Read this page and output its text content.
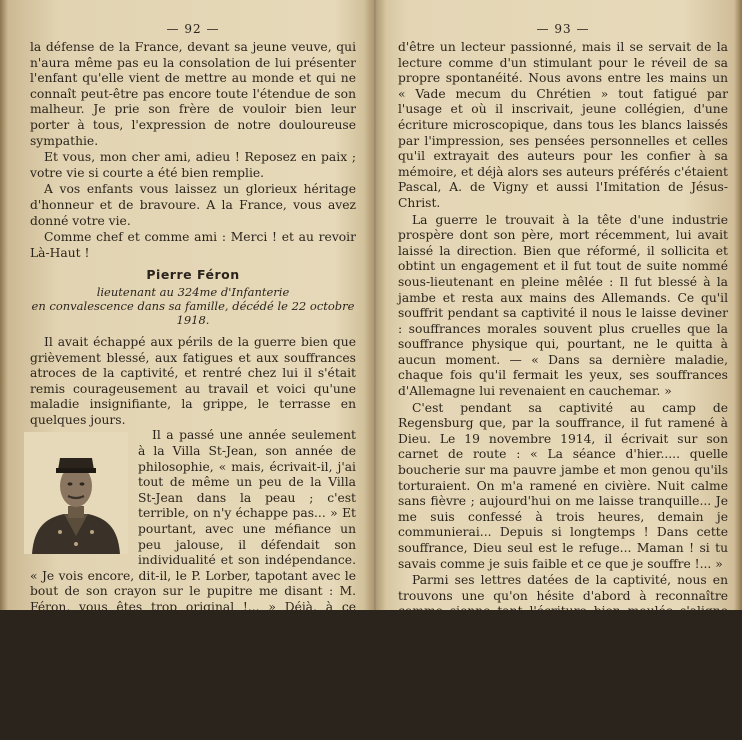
— 92 —

la défense de la France, devant sa jeune veuve, qui n'aura même pas eu la consolation de lui présenter l'enfant qu'elle vient de mettre au monde et qui ne connaît peut-être pas encore toute l'étendue de son malheur. Je prie son frère de vouloir bien leur porter à tous, l'expression de notre douloureuse sympathie.

Et vous, mon cher ami, adieu ! Reposez en paix ; votre vie si courte a été bien remplie.

A vos enfants vous laissez un glorieux héritage d'honneur et de bravoure. A la France, vous avez donné votre vie.

Comme chef et comme ami : Merci ! et au revoir Là-Haut !

Pierre Féron
lieutenant au 324me d'Infanterie
en convalescence dans sa famille, décédé le 22 octobre 1918.

Il avait échappé aux périls de la guerre bien que grièvement blessé, aux fatigues et aux souffrances atroces de la captivité, et rentré chez lui il s'était remis courageusement au travail et voici qu'une maladie insignifiante, la grippe, le terrasse en quelques jours.

Il a passé une année seulement à la Villa St-Jean, son année de philosophie, « mais, écrivait-il, j'ai tout de même un peu de la Villa St-Jean dans la peau ; c'est terrible, on n'y échappe pas... » Et pourtant, avec une méfiance un peu jalouse, il défendait son individualité et son indépendance. « Je vois encore, dit-il, le P. Lorber, tapotant avec le bout de son crayon sur le pupitre me disant : M. Féron, vous êtes trop original !... » Déjà, à ce moment, il montrait une exubérance de vie, une aversion pour toute contrainte qui n'excipait pas de ses titres, qui pouvaient tout faire espérer, mais aussi tout faire craindre. Espérances et craintes il les a successivement réalisées dans une vie courte, mais bien mouvementée. Il aspirait à penser par lui-même et à se faire des idées personnelles, ce qui ne l'empêchait pas

— 93 —

d'être un lecteur passionné, mais il se servait de la lecture comme d'un stimulant pour le réveil de sa propre spontanéité. Nous avons entre les mains un « Vade mecum du Chrétien » tout fatigué par l'usage et où il inscrivait, jeune collégien, d'une écriture microscopique, dans tous les blancs laissés par l'impression, ses pensées personnelles et celles qu'il extrayait des auteurs pour les confier à sa mémoire, et déjà alors ses auteurs préférés c'étaient Pascal, A. de Vigny et aussi l'Imitation de Jésus-Christ.

La guerre le trouvait à la tête d'une industrie prospère dont son père, mort récemment, lui avait laissé la direction. Bien que réformé, il sollicita et obtint un engagement et il fut tout de suite nommé sous-lieutenant en pleine mêlée : Il fut blessé à la jambe et resta aux mains des Allemands. Ce qu'il souffrit pendant sa captivité il nous le laisse deviner : souffrances morales souvent plus cruelles que la souffrance physique qui, pourtant, ne le quitta à aucun moment. — « Dans sa dernière maladie, chaque fois qu'il fermait les yeux, ses souffrances d'Allemagne lui revenaient en cauchemar. »

C'est pendant sa captivité au camp de Regensburg que, par la souffrance, il fut ramené à Dieu. Le 19 novembre 1914, il écrivait sur son carnet de route : « La séance d'hier..... quelle boucherie sur ma pauvre jambe et mon genou qu'ils torturaient. On m'a ramené en civière. Nuit calme sans fièvre ; aujourd'hui on me laisse tranquille... Je me suis confessé à trois heures, demain je communierai... Depuis si longtemps ! Dans cette souffrance, Dieu seul est le refuge... Maman ! si tu savais comme je suis faible et ce que je souffre !... »

Parmi ses lettres datées de la captivité, nous en trouvons une qu'on hésite d'abord à reconnaître comme sienne tant l'écriture bien moulée s'aligne impeccablement sur la réglure : C'est que l'en-tête porte imprimé cet avertissement : N'écrire que sur les lignes et bien lisible (sic). Il aura fallu toute la crainte qu'il avait que sa lettre ne parvînt pas à son adresse pour qu'il se soumît à l'injonction de la censure
